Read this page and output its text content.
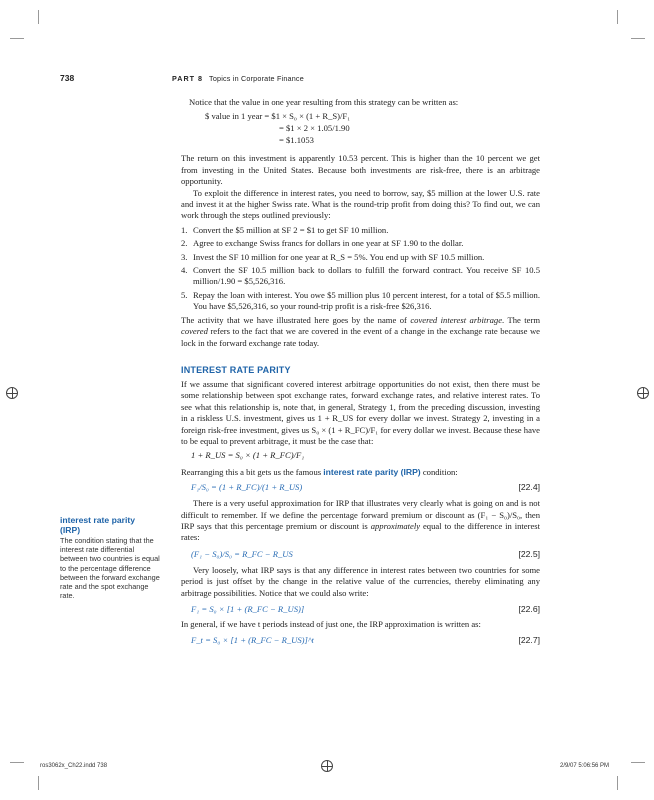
738	PART 8 Topics in Corporate Finance

Notice that the value in one year resulting from this strategy can be written as:

$ value in 1 year = $1 × S₀ × (1 + R_S)/F₁
= $1 × 2 × 1.05/1.90
= $1.1053

The return on this investment is apparently 10.53 percent. This is higher than the 10 percent we get from investing in the United States. Because both investments are risk-free, there is an arbitrage opportunity.

To exploit the difference in interest rates, you need to borrow, say, $5 million at the lower U.S. rate and invest it at the higher Swiss rate. What is the round-trip profit from doing this? To find out, we can work through the steps outlined previously:

1. Convert the $5 million at SF 2 = $1 to get SF 10 million.
2. Agree to exchange Swiss francs for dollars in one year at SF 1.90 to the dollar.
3. Invest the SF 10 million for one year at R_S = 5%. You end up with SF 10.5 million.
4. Convert the SF 10.5 million back to dollars to fulfill the forward contract. You receive SF 10.5 million/1.90 = $5,526,316.
5. Repay the loan with interest. You owe $5 million plus 10 percent interest, for a total of $5.5 million. You have $5,526,316, so your round-trip profit is a risk-free $26,316.

The activity that we have illustrated here goes by the name of covered interest arbitrage. The term covered refers to the fact that we are covered in the event of a change in the exchange rate because we lock in the forward exchange rate today.

INTEREST RATE PARITY

If we assume that significant covered interest arbitrage opportunities do not exist, then there must be some relationship between spot exchange rates, forward exchange rates, and relative interest rates. To see what this relationship is, note that, in general, Strategy 1, from the preceding discussion, investing in a riskless U.S. investment, gives us 1 + R_US for every dollar we invest. Strategy 2, investing in a foreign risk-free investment, gives us S₀ × (1 + R_FC)/F₁ for every dollar we invest. Because these have to be equal to prevent arbitrage, it must be the case that:

1 + R_US = S₀ × (1 + R_FC)/F₁

Rearranging this a bit gets us the famous interest rate parity (IRP) condition:

F₁/S₀ = (1 + R_FC)/(1 + R_US)	[22.4]

There is a very useful approximation for IRP that illustrates very clearly what is going on and is not difficult to remember. If we define the percentage forward premium or discount as (F₁ − S₀)/S₀, then IRP says that this percentage premium or discount is approximately equal to the difference in interest rates:

(F₁ − S₀)/S₀ = R_FC − R_US	[22.5]

Very loosely, what IRP says is that any difference in interest rates between two countries for some period is just offset by the change in the relative value of the currencies, thereby eliminating any arbitrage possibilities. Notice that we could also write:

F₁ = S₀ × [1 + (R_FC − R_US)]	[22.6]

In general, if we have t periods instead of just one, the IRP approximation is written as:

F_t = S₀ × [1 + (R_FC − R_US)]^t	[22.7]
interest rate parity
(IRP)
The condition stating that the interest rate differential between two countries is equal to the percentage difference between the forward exchange rate and the spot exchange rate.
ros3062x_Ch22.indd 738	2/9/07 5:06:56 PM
